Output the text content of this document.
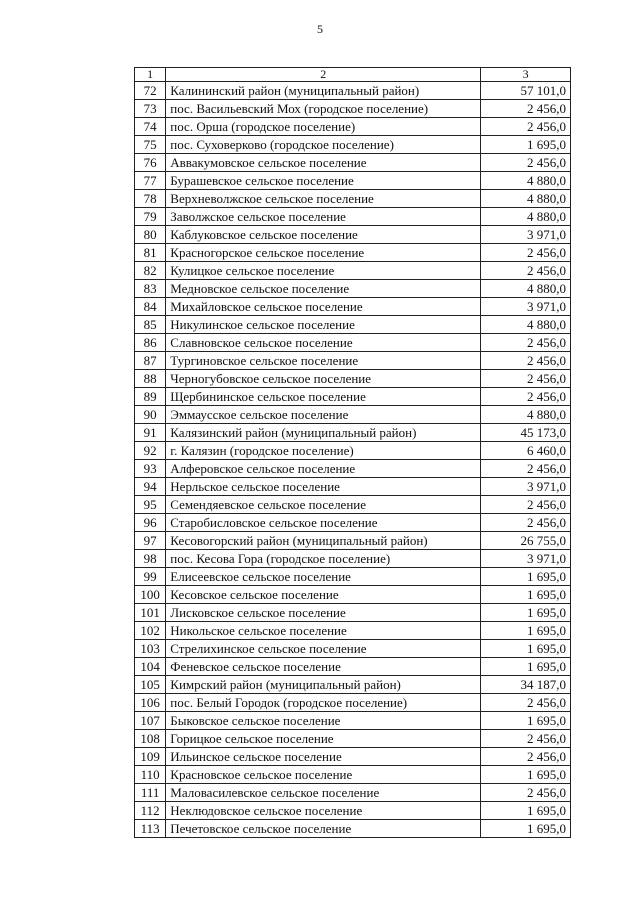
5
1	2	3
72	Калининский район (муниципальный район)	57 101,0
73	пос. Васильевский Мох (городское поселение)	2 456,0
74	пос. Орша (городское поселение)	2 456,0
75	пос. Суховерково (городское поселение)	1 695,0
76	Аввакумовское сельское поселение	2 456,0
77	Бурашевское сельское поселение	4 880,0
78	Верхневолжское сельское поселение	4 880,0
79	Заволжское сельское поселение	4 880,0
80	Каблуковское сельское поселение	3 971,0
81	Красногорское сельское поселение	2 456,0
82	Кулицкое сельское поселение	2 456,0
83	Медновское сельское поселение	4 880,0
84	Михайловское сельское поселение	3 971,0
85	Никулинское сельское поселение	4 880,0
86	Славновское сельское поселение	2 456,0
87	Тургиновское сельское поселение	2 456,0
88	Черногубовское сельское поселение	2 456,0
89	Щербининское сельское поселение	2 456,0
90	Эммаусское сельское поселение	4 880,0
91	Калязинский район (муниципальный район)	45 173,0
92	г. Калязин (городское поселение)	6 460,0
93	Алферовское сельское поселение	2 456,0
94	Нерльское сельское поселение	3 971,0
95	Семендяевское сельское поселение	2 456,0
96	Старобисловское сельское поселение	2 456,0
97	Кесовогорский район (муниципальный район)	26 755,0
98	пос. Кесова Гора (городское поселение)	3 971,0
99	Елисеевское сельское поселение	1 695,0
100	Кесовское сельское поселение	1 695,0
101	Лисковское сельское поселение	1 695,0
102	Никольское сельское поселение	1 695,0
103	Стрелихинское сельское поселение	1 695,0
104	Феневское сельское поселение	1 695,0
105	Кимрский район (муниципальный район)	34 187,0
106	пос. Белый Городок (городское поселение)	2 456,0
107	Быковское сельское поселение	1 695,0
108	Горицкое сельское поселение	2 456,0
109	Ильинское сельское поселение	2 456,0
110	Красновское сельское поселение	1 695,0
111	Маловасилевское сельское поселение	2 456,0
112	Неклюдовское сельское поселение	1 695,0
113	Печетовское сельское поселение	1 695,0
